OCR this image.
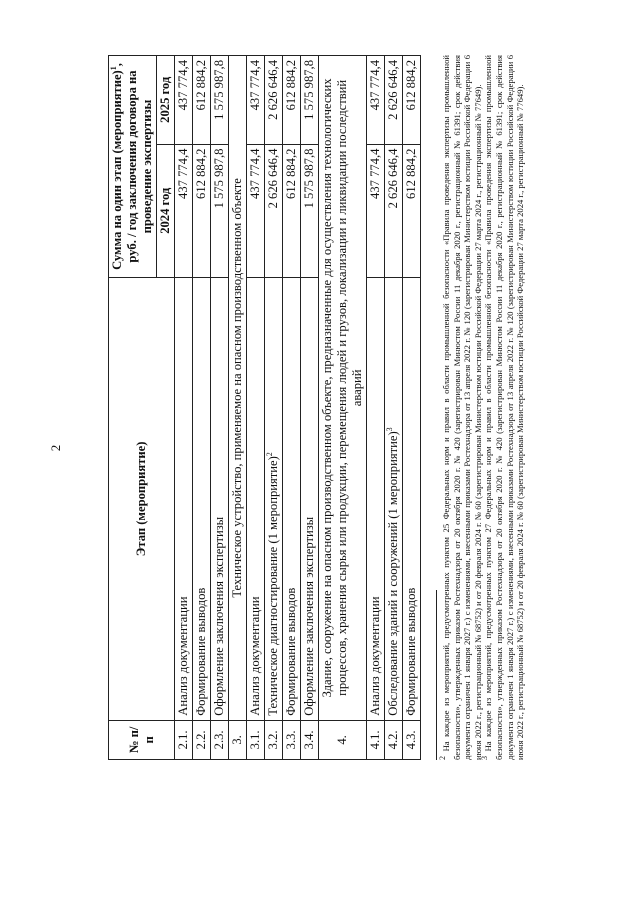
2
№ п/п	Этап (мероприятие)	Сумма на один этап (мероприятие)$^1$, руб. / год заключения договора на проведение экспертизы	
		2024 год	2025 год
2.1.	Анализ документации	437 774,4	437 774,4
2.2.	Формирование выводов	612 884,2	612 884,2
2.3.	Оформление заключения экспертизы	1 575 987,8	1 575 987,8
3.	Техническое устройство, применяемое на опасном производственном объекте		
3.1.	Анализ документации	437 774,4	437 774,4
3.2.	Техническое диагностирование (1 мероприятие)$^2$	2 626 646,4	2 626 646,4
3.3.	Формирование выводов	612 884,2	612 884,2
3.4.	Оформление заключения экспертизы	1 575 987,8	1 575 987,8
4.	Здание, сооружение на опасном производственном объекте, предназначенные для осуществления технологических процессов, хранения сырья или продукции, перемещения людей и грузов, локализации и ликвидации последствий аварий		
4.1.	Анализ документации	437 774,4	437 774,4
4.2.	Обследование зданий и сооружений (1 мероприятие)$^3$	2 626 646,4	2 626 646,4
4.3.	Формирование выводов	612 884,2	612 884,2

$^2$ На каждое из мероприятий, предусмотренных пунктом 25 Федеральных норм и правил в области промышленной безопасности «Правила проведения экспертизы промышленной безопасности», утвержденных приказом Ростехнадзора от 20 октября 2020 г. № 420 (зарегистрирован Минюстом России 11 декабря 2020 г., регистрационный № 61391; срок действия документа ограничен 1 января 2027 г.) с изменениями, внесенными приказами Ростехнадзора от 13 апреля 2022 г. № 120 (зарегистрирован Министерством юстиции Российской Федерации 6 июня 2022 г., регистрационный № 68752) и от 20 февраля 2024 г. № 60 (зарегистрирован Министерством юстиции Российской Федерации 27 марта 2024 г., регистрационный № 77649).

$^3$ На каждое из мероприятий, предусмотренных пунктом 27 Федеральных норм и правил в области промышленной безопасности «Правила проведения экспертизы промышленной безопасности», утвержденных приказом Ростехнадзора от 20 октября 2020 г. № 420 (зарегистрирован Минюстом России 11 декабря 2020 г., регистрационный № 61391; срок действия документа ограничен 1 января 2027 г.) с изменениями, внесенными приказами Ростехнадзора от 13 апреля 2022 г. № 120 (зарегистрирован Министерством юстиции Российской Федерации 6 июня 2022 г., регистрационный № 68752) и от 20 февраля 2024 г. № 60 (зарегистрирован Министерством юстиции Российской Федерации 27 марта 2024 г., регистрационный № 77649).
